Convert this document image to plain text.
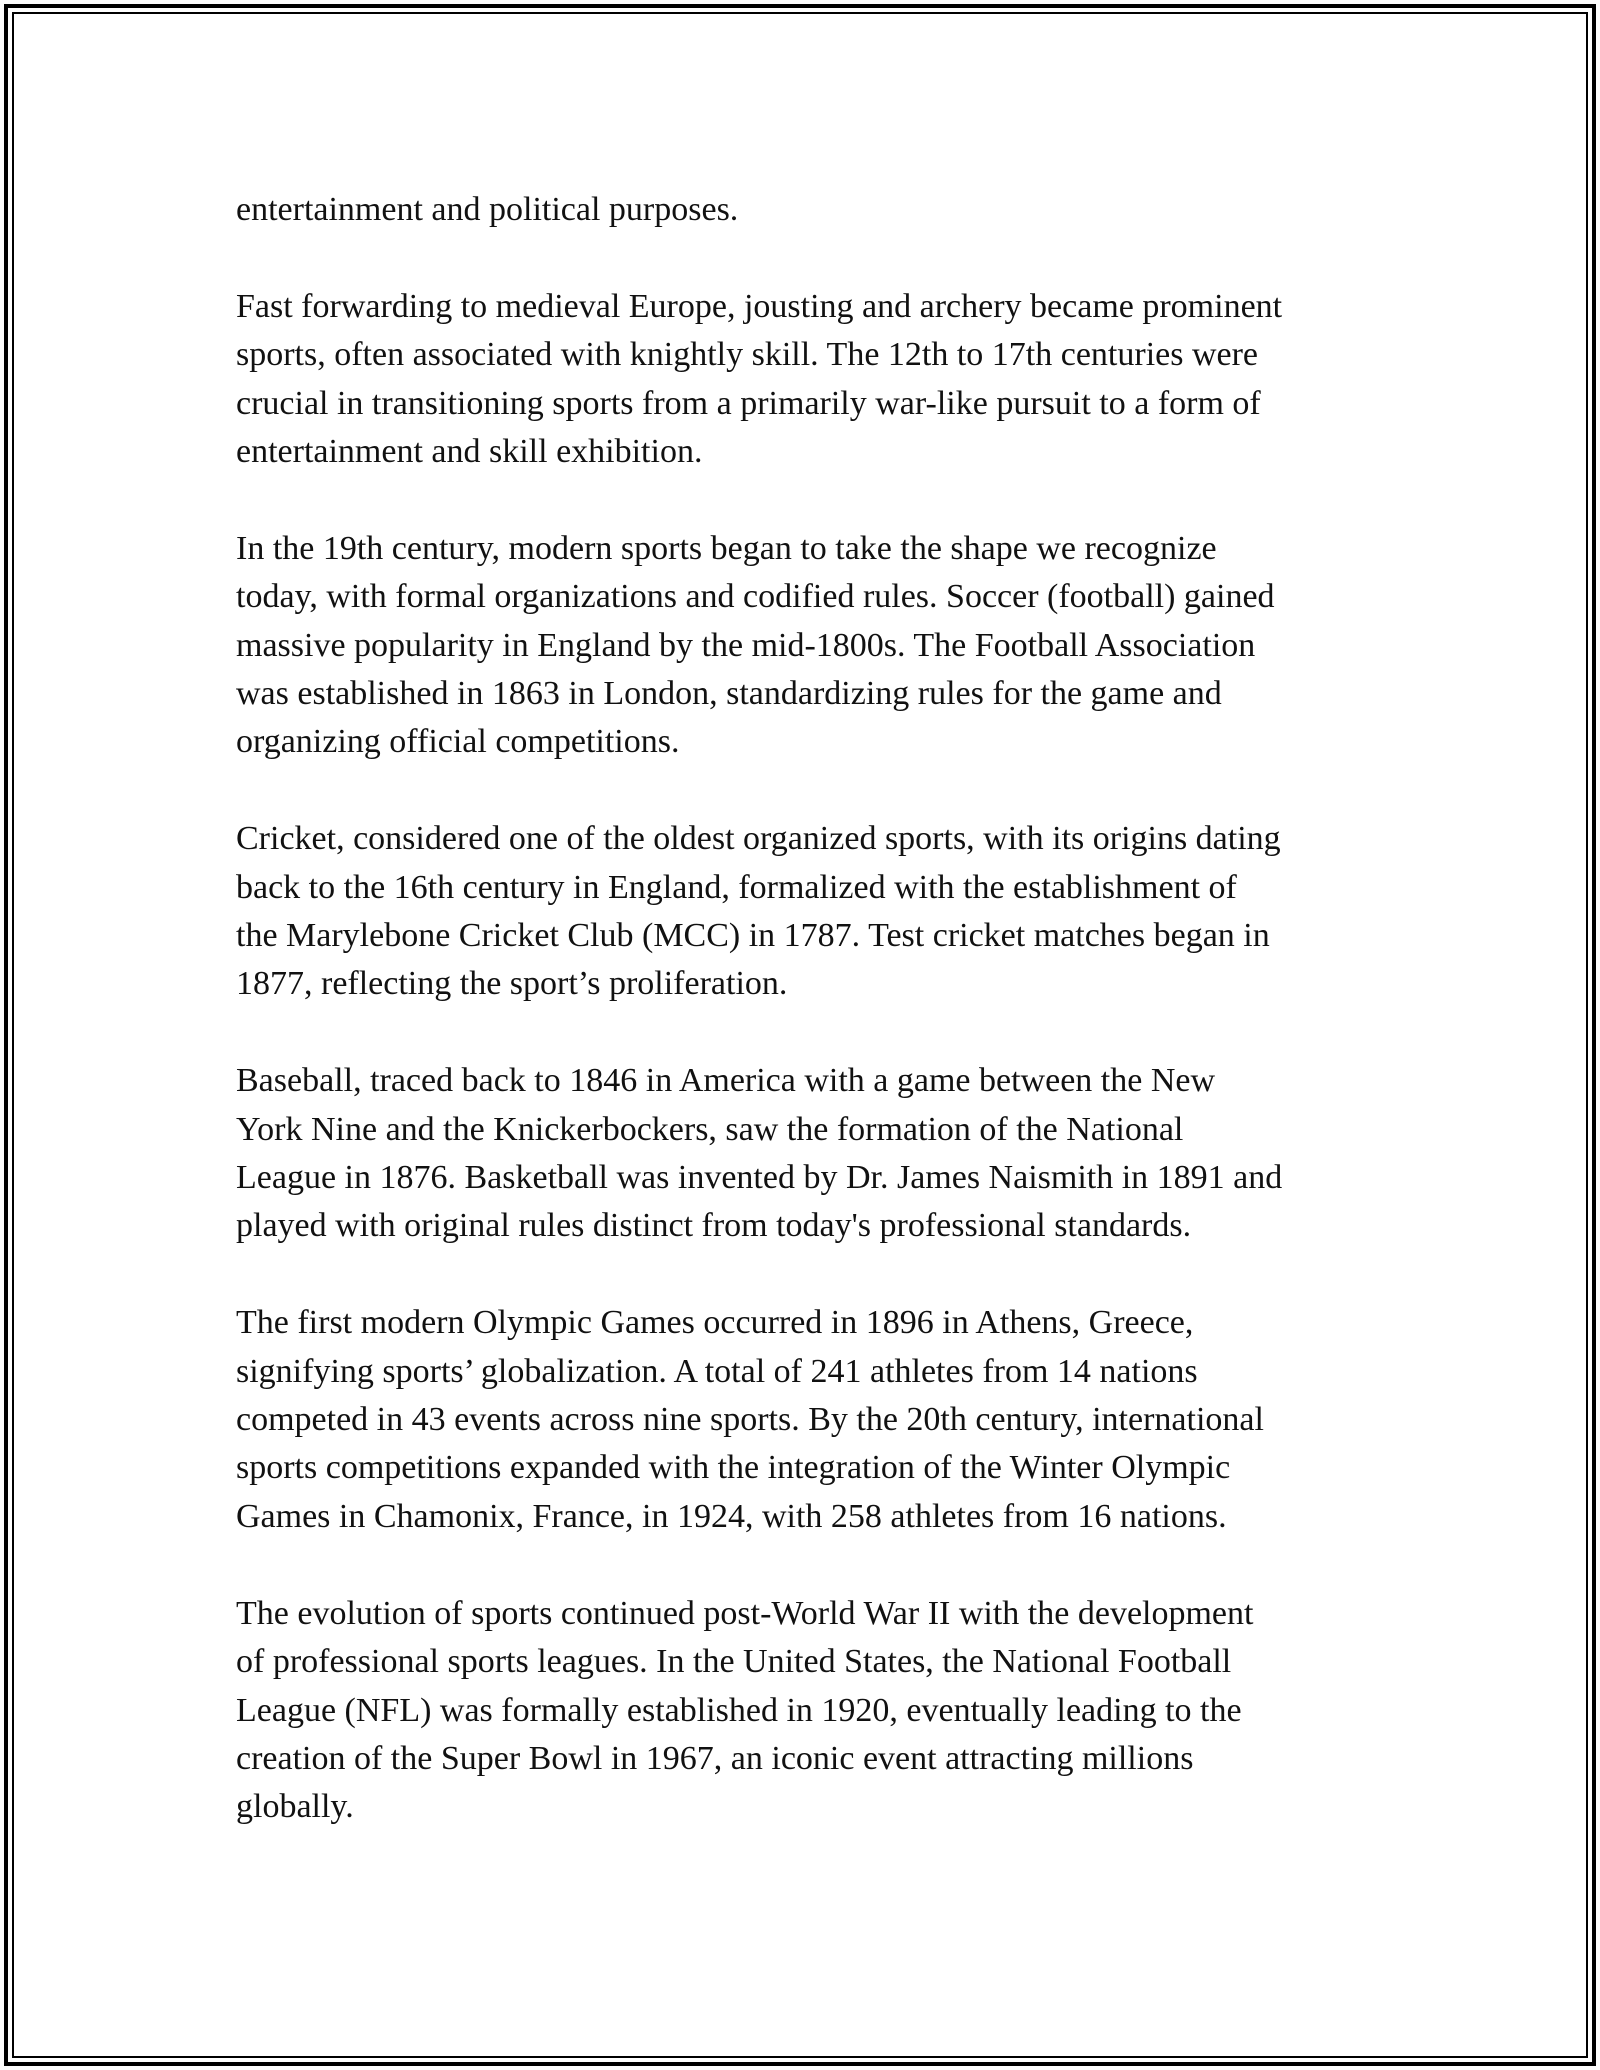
entertainment and political purposes.

Fast forwarding to medieval Europe, jousting and archery became prominent
sports, often associated with knightly skill. The 12th to 17th centuries were
crucial in transitioning sports from a primarily war-like pursuit to a form of
entertainment and skill exhibition.

In the 19th century, modern sports began to take the shape we recognize
today, with formal organizations and codified rules. Soccer (football) gained
massive popularity in England by the mid-1800s. The Football Association
was established in 1863 in London, standardizing rules for the game and
organizing official competitions.

Cricket, considered one of the oldest organized sports, with its origins dating
back to the 16th century in England, formalized with the establishment of
the Marylebone Cricket Club (MCC) in 1787. Test cricket matches began in
1877, reflecting the sport’s proliferation.

Baseball, traced back to 1846 in America with a game between the New
York Nine and the Knickerbockers, saw the formation of the National
League in 1876. Basketball was invented by Dr. James Naismith in 1891 and
played with original rules distinct from today's professional standards.

The first modern Olympic Games occurred in 1896 in Athens, Greece,
signifying sports’ globalization. A total of 241 athletes from 14 nations
competed in 43 events across nine sports. By the 20th century, international
sports competitions expanded with the integration of the Winter Olympic
Games in Chamonix, France, in 1924, with 258 athletes from 16 nations.

The evolution of sports continued post-World War II with the development
of professional sports leagues. In the United States, the National Football
League (NFL) was formally established in 1920, eventually leading to the
creation of the Super Bowl in 1967, an iconic event attracting millions
globally.
